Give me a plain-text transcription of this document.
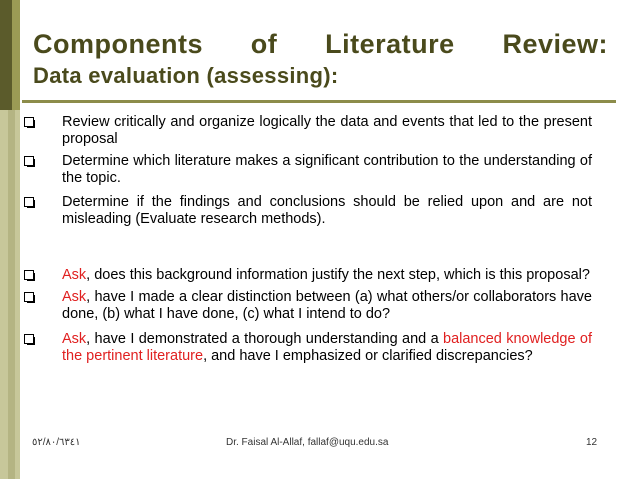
Components of Literature Review:

Data evaluation (assessing):

Review critically and organize logically the data and events that led to the present proposal
Determine which literature makes a significant contribution to the understanding of the topic.
Determine if the findings and conclusions should be relied upon and are not misleading (Evaluate research methods).
Ask, does this background information justify the next step, which is this proposal?
Ask, have I made a clear distinction between (a) what others/or collaborators have done, (b) what I have done, (c) what I intend to do?
Ask, have I demonstrated a thorough understanding and a balanced knowledge of the pertinent literature, and have I emphasized or clarified discrepancies?
١٤٣٦/٠٨/٢٥	Dr. Faisal Al-Allaf, fallaf@uqu.edu.sa	12
